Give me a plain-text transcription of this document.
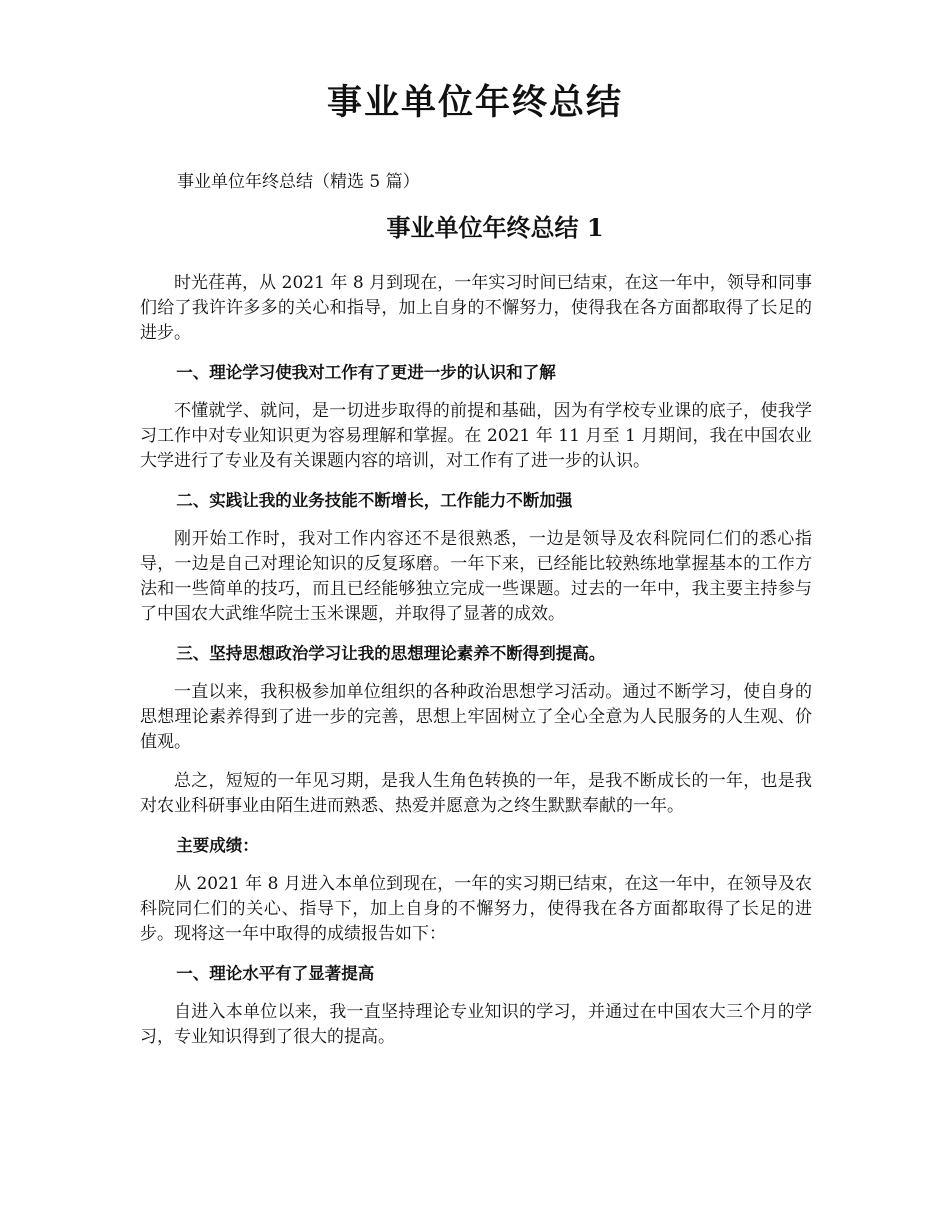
事业单位年终总结

事业单位年终总结（精选 5 篇）

事业单位年终总结 1

时光荏苒，从 2021 年 8 月到现在，一年实习时间已结束，在这一年中，领导和同事们给了我许许多多的关心和指导，加上自身的不懈努力，使得我在各方面都取得了长足的进步。

一、理论学习使我对工作有了更进一步的认识和了解

不懂就学、就问，是一切进步取得的前提和基础，因为有学校专业课的底子，使我学习工作中对专业知识更为容易理解和掌握。在 2021 年 11 月至 1 月期间，我在中国农业大学进行了专业及有关课题内容的培训，对工作有了进一步的认识。

二、实践让我的业务技能不断增长，工作能力不断加强

刚开始工作时，我对工作内容还不是很熟悉，一边是领导及农科院同仁们的悉心指导，一边是自己对理论知识的反复琢磨。一年下来，已经能比较熟练地掌握基本的工作方法和一些简单的技巧，而且已经能够独立完成一些课题。过去的一年中，我主要主持参与了中国农大武维华院士玉米课题，并取得了显著的成效。

三、坚持思想政治学习让我的思想理论素养不断得到提高。

一直以来，我积极参加单位组织的各种政治思想学习活动。通过不断学习，使自身的思想理论素养得到了进一步的完善，思想上牢固树立了全心全意为人民服务的人生观、价值观。

总之，短短的一年见习期，是我人生角色转换的一年，是我不断成长的一年，也是我对农业科研事业由陌生进而熟悉、热爱并愿意为之终生默默奉献的一年。

主要成绩：

从 2021 年 8 月进入本单位到现在，一年的实习期已结束，在这一年中，在领导及农科院同仁们的关心、指导下，加上自身的不懈努力，使得我在各方面都取得了长足的进步。现将这一年中取得的成绩报告如下：

一、理论水平有了显著提高

自进入本单位以来，我一直坚持理论专业知识的学习，并通过在中国农大三个月的学习，专业知识得到了很大的提高。
